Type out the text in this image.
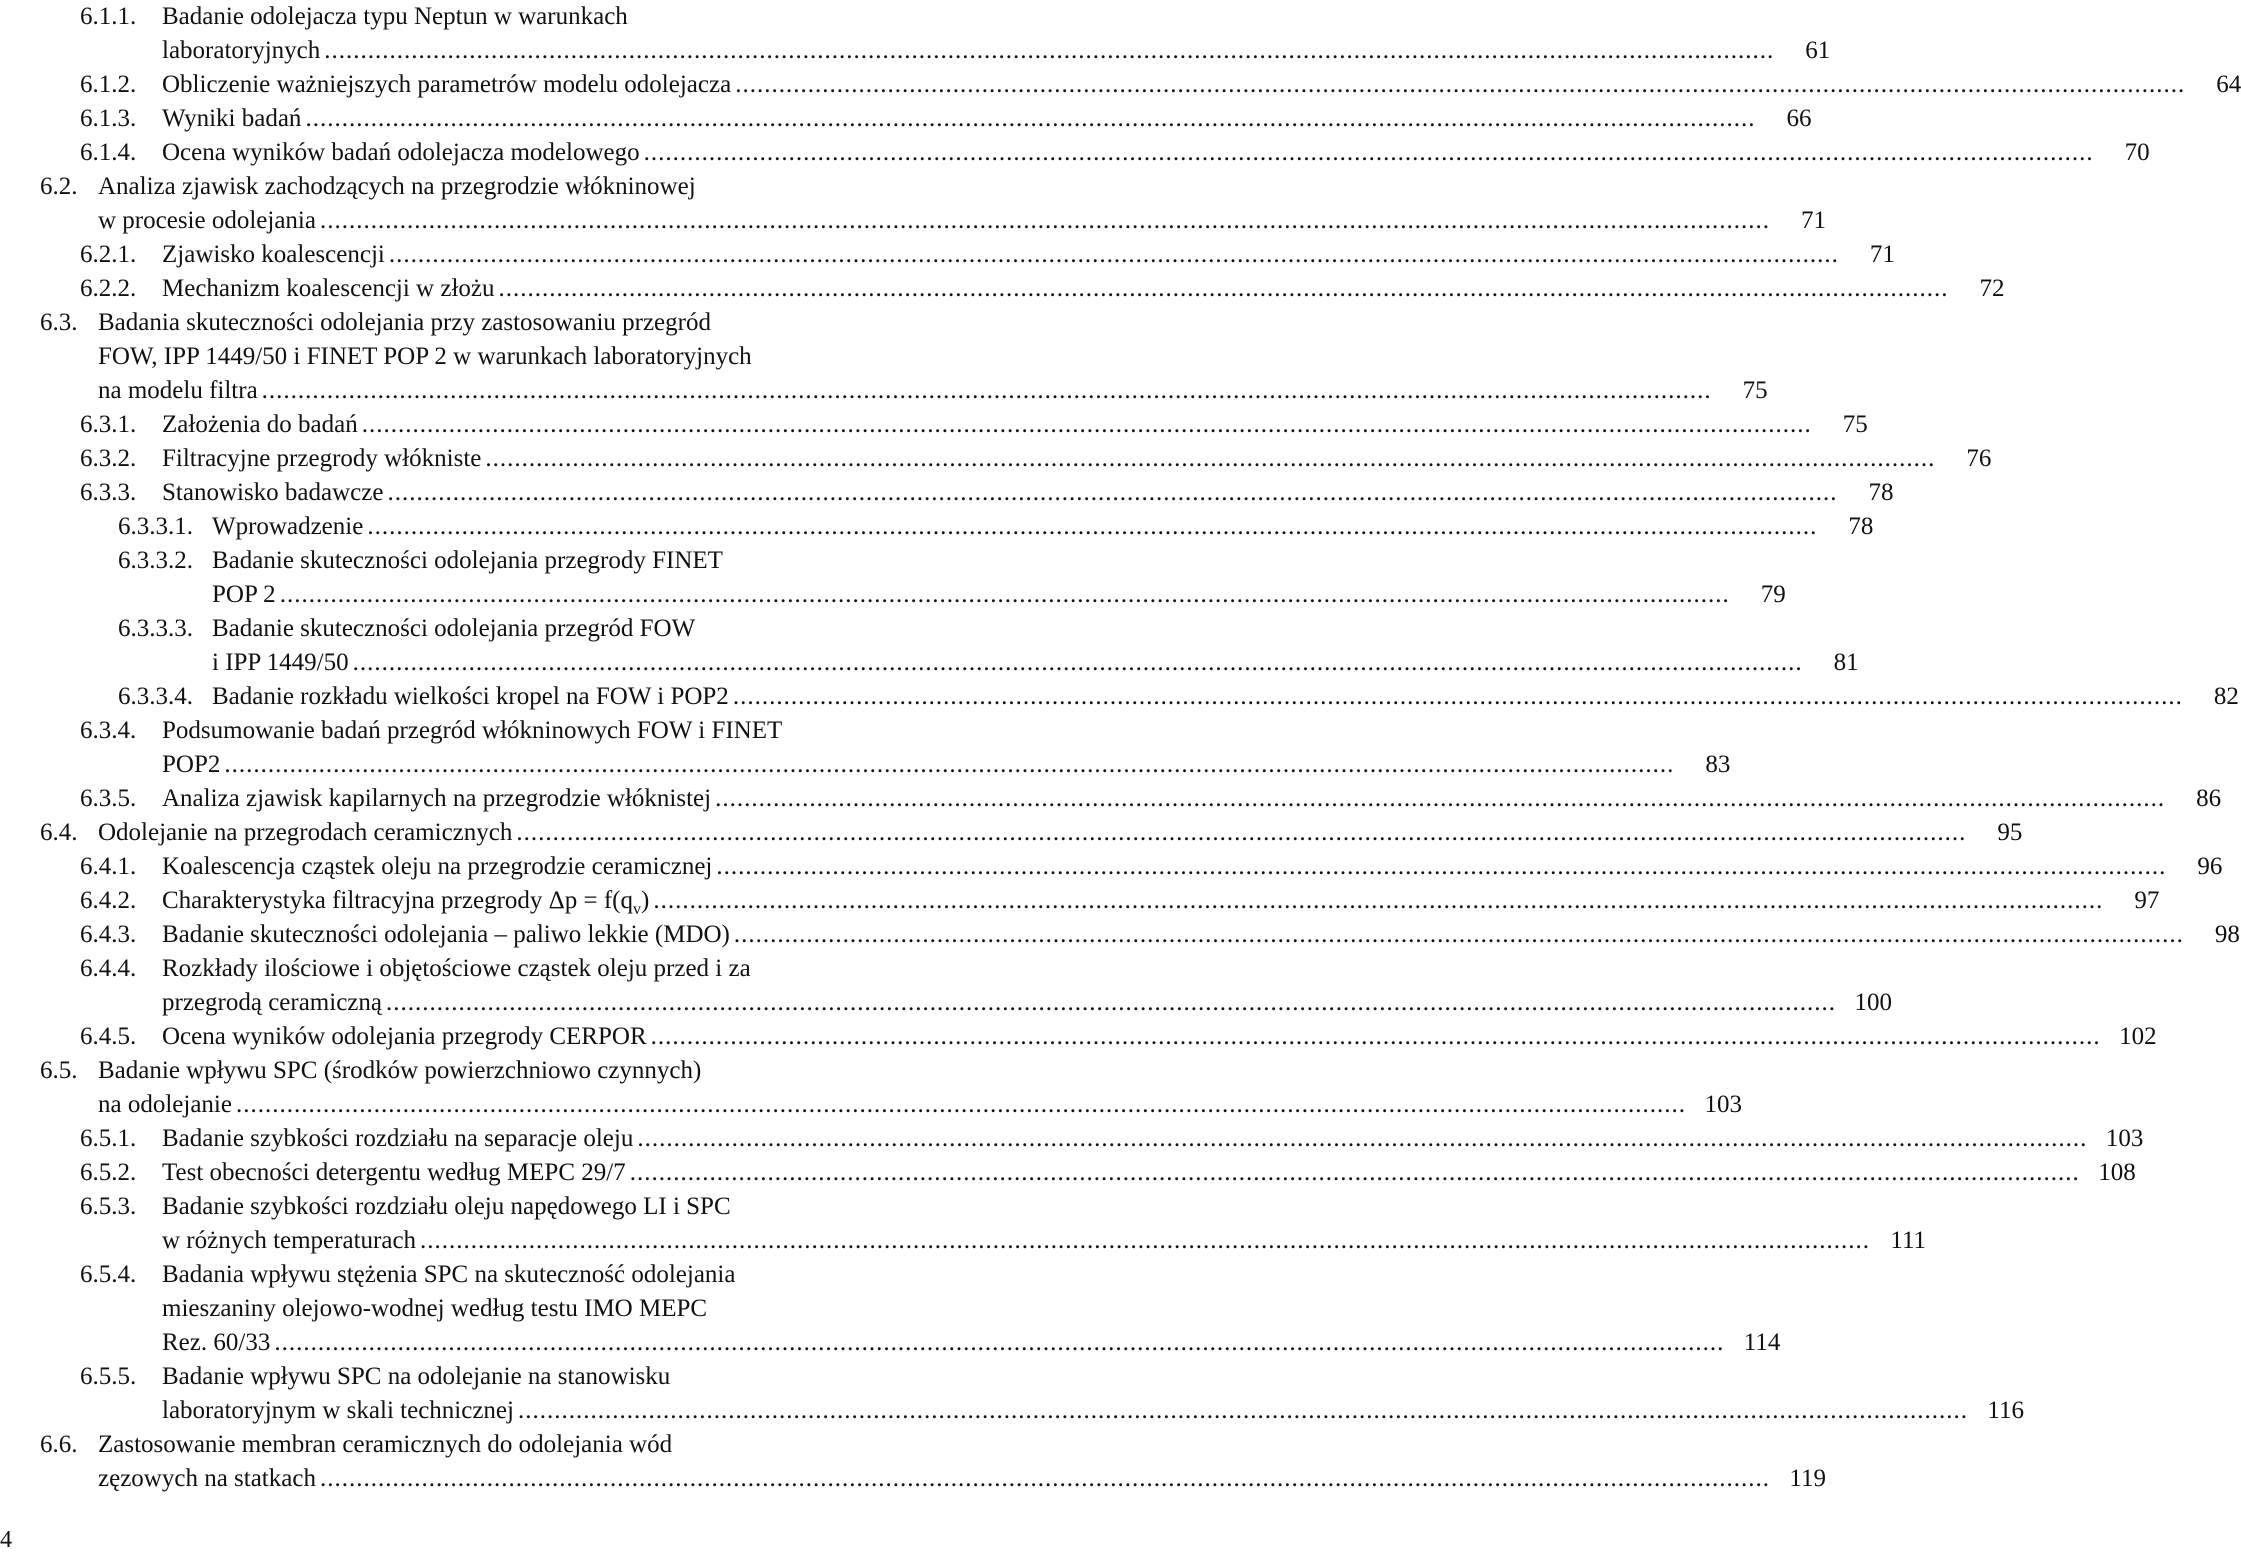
6.1.1.	Badanie odolejacza typu Neptun w warunkach
laboratoryjnych ........................................................................................................................................................................................................	61
6.1.2.	Obliczenie ważniejszych parametrów modelu odolejacza ........................................................................................................................................................................................................	64
6.1.3.	Wyniki badań ........................................................................................................................................................................................................	66
6.1.4.	Ocena wyników badań odolejacza modelowego ........................................................................................................................................................................................................	70
6.2. Analiza zjawisk zachodzących na przegrodzie włókninowej
w procesie odolejania ........................................................................................................................................................................................................	71
6.2.1.	Zjawisko koalescencji ........................................................................................................................................................................................................	71
6.2.2.	Mechanizm koalescencji w złożu ........................................................................................................................................................................................................	72
6.3. Badania skuteczności odolejania przy zastosowaniu przegród
FOW, IPP 1449/50 i FINET POP 2 w warunkach laboratoryjnych
na modelu filtra ........................................................................................................................................................................................................	75
6.3.1.	Założenia do badań ........................................................................................................................................................................................................	75
6.3.2.	Filtracyjne przegrody włókniste ........................................................................................................................................................................................................	76
6.3.3.	Stanowisko badawcze ........................................................................................................................................................................................................	78
6.3.3.1. Wprowadzenie ........................................................................................................................................................................................................	78
6.3.3.2. Badanie skuteczności odolejania przegrody FINET
POP 2 ........................................................................................................................................................................................................	79
6.3.3.3. Badanie skuteczności odolejania przegród FOW
i IPP 1449/50 ........................................................................................................................................................................................................	81
6.3.3.4. Badanie rozkładu wielkości kropel na FOW i POP2 ........................................................................................................................................................................................................	82
6.3.4.	Podsumowanie badań przegród włókninowych FOW i FINET
POP2 ........................................................................................................................................................................................................	83
6.3.5.	Analiza zjawisk kapilarnych na przegrodzie włóknistej ........................................................................................................................................................................................................	86
6.4. Odolejanie na przegrodach ceramicznych ........................................................................................................................................................................................................	95
6.4.1.	Koalescencja cząstek oleju na przegrodzie ceramicznej ........................................................................................................................................................................................................	96
6.4.2.	Charakterystyka filtracyjna przegrody $\Delta p = f(q_v)$ ........................................................................................................................................................................................................	97
6.4.3.	Badanie skuteczności odolejania – paliwo lekkie (MDO) ........................................................................................................................................................................................................	98
6.4.4.	Rozkłady ilościowe i objętościowe cząstek oleju przed i za
przegrodą ceramiczną ........................................................................................................................................................................................................ 100
6.4.5.	Ocena wyników odolejania przegrody CERPOR ........................................................................................................................................................................................................ 102
6.5. Badanie wpływu SPC (środków powierzchniowo czynnych)
na odolejanie ........................................................................................................................................................................................................ 103
6.5.1.	Badanie szybkości rozdziału na separacje oleju ........................................................................................................................................................................................................ 103
6.5.2.	Test obecności detergentu według MEPC 29/7 ........................................................................................................................................................................................................ 108
6.5.3.	Badanie szybkości rozdziału oleju napędowego LI i SPC
w różnych temperaturach ........................................................................................................................................................................................................ 111
6.5.4.	Badania wpływu stężenia SPC na skuteczność odolejania
mieszaniny olejowo-wodnej według testu IMO MEPC
Rez. 60/33 ........................................................................................................................................................................................................ 114
6.5.5.	Badanie wpływu SPC na odolejanie na stanowisku
laboratoryjnym w skali technicznej ........................................................................................................................................................................................................ 116
6.6. Zastosowanie membran ceramicznych do odolejania wód
zęzowych na statkach ........................................................................................................................................................................................................ 119
4
